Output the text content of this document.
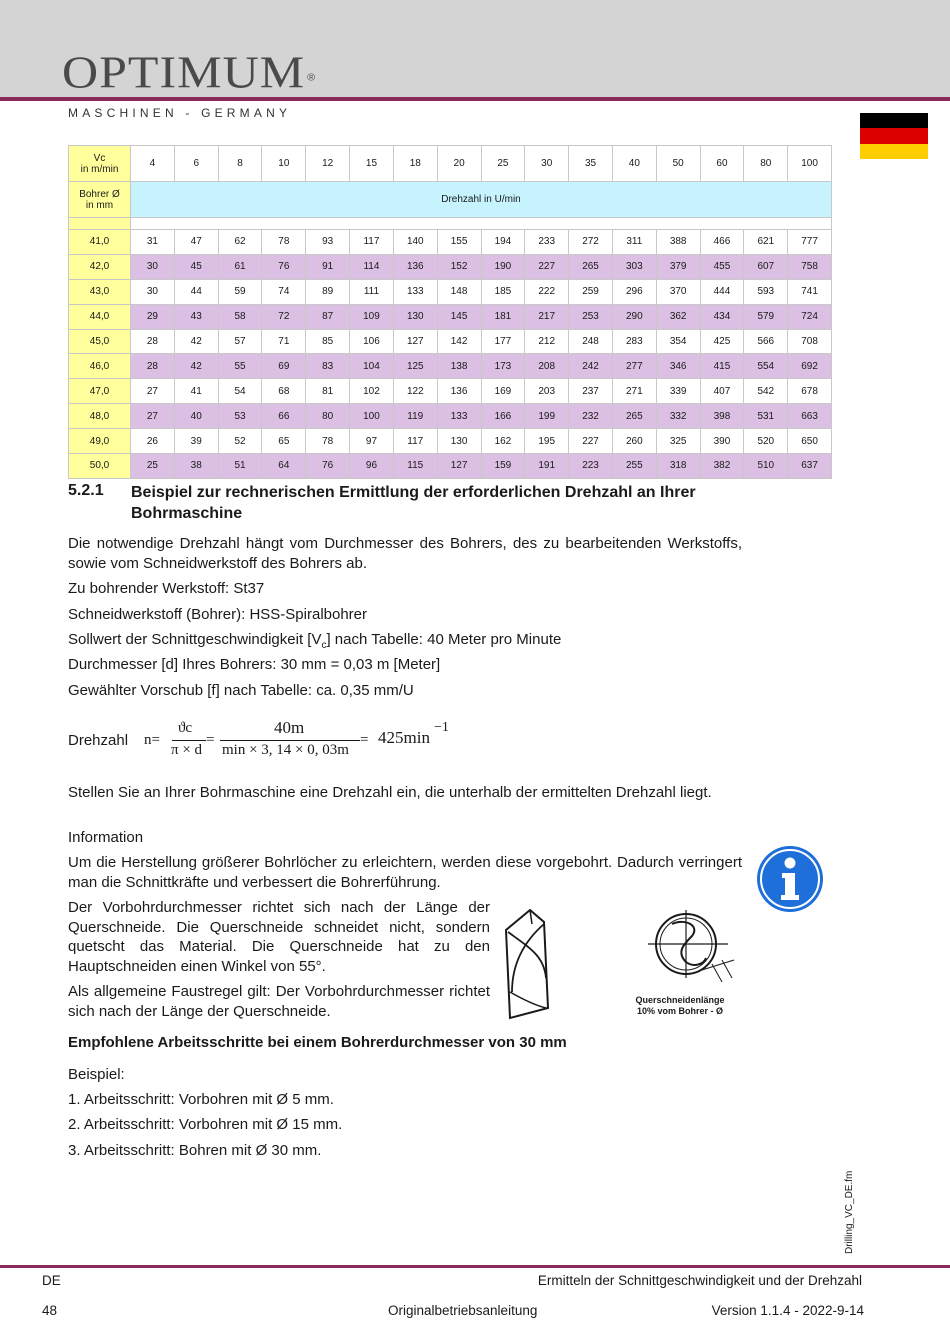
OPTIMUM ®
MASCHINEN - GERMANY
Vc
in m/min	4	6	8	10	12	15	18	20	25	30	35	40	50	60	80	100

Bohrer Ø
in mm	Drehzahl in U/min															

41,0	31	47	62	78	93	117	140	155	194	233	272	311	388	466	621	777
42,0	30	45	61	76	91	114	136	152	190	227	265	303	379	455	607	758
43,0	30	44	59	74	89	111	133	148	185	222	259	296	370	444	593	741
44,0	29	43	58	72	87	109	130	145	181	217	253	290	362	434	579	724
45,0	28	42	57	71	85	106	127	142	177	212	248	283	354	425	566	708
46,0	28	42	55	69	83	104	125	138	173	208	242	277	346	415	554	692
47,0	27	41	54	68	81	102	122	136	169	203	237	271	339	407	542	678
48,0	27	40	53	66	80	100	119	133	166	199	232	265	332	398	531	663
49,0	26	39	52	65	78	97	117	130	162	195	227	260	325	390	520	650
50,0	25	38	51	64	76	96	115	127	159	191	223	255	318	382	510	637
5.2.1 Beispiel zur rechnerischen Ermittlung der erforderlichen Drehzahl an Ihrer Bohrmaschine
Die notwendige Drehzahl hängt vom Durchmesser des Bohrers, des zu bearbeitenden Werkstoffs, sowie vom Schneidwerkstoff des Bohrers ab.
Zu bohrender Werkstoff: St37
Schneidwerkstoff (Bohrer): HSS-Spiralbohrer
Sollwert der Schnittgeschwindigkeit $[V_c]$ nach Tabelle: 40 Meter pro Minute
Durchmesser [d] Ihres Bohrers: 30 mm = 0,03 m [Meter]
Gewählter Vorschub [f] nach Tabelle: ca. 0,35 mm/U
Drehzahl n=
ϑc
π × d
=
40m
min × 3, 14 × 0, 03m
= 425min
−1
Stellen Sie an Ihrer Bohrmaschine eine Drehzahl ein, die unterhalb der ermittelten Drehzahl liegt.
Information
Um die Herstellung größerer Bohrlöcher zu erleichtern, werden diese vorgebohrt. Dadurch verringert man die Schnittkräfte und verbessert die Bohrerführung.
Der Vorbohrdurchmesser richtet sich nach der Länge der Querschneide. Die Querschneide schneidet nicht, sondern quetscht das Material. Die Querschneide hat zu den Hauptschneiden einen Winkel von 55°.
Als allgemeine Faustregel gilt: Der Vorbohrdurchmesser richtet sich nach der Länge der Querschneide.
Querschneidenlänge
10% vom Bohrer - Ø
Empfohlene Arbeitsschritte bei einem Bohrerdurchmesser von 30 mm
Beispiel:
1. Arbeitsschritt: Vorbohren mit Ø 5 mm.
2. Arbeitsschritt: Vorbohren mit Ø 15 mm.
3. Arbeitsschritt: Bohren mit Ø 30 mm.
Drilling_VC_DE.fm
DE	Ermitteln der Schnittgeschwindigkeit und der Drehzahl
48	Originalbetriebsanleitung	Version 1.1.4 - 2022-9-14
